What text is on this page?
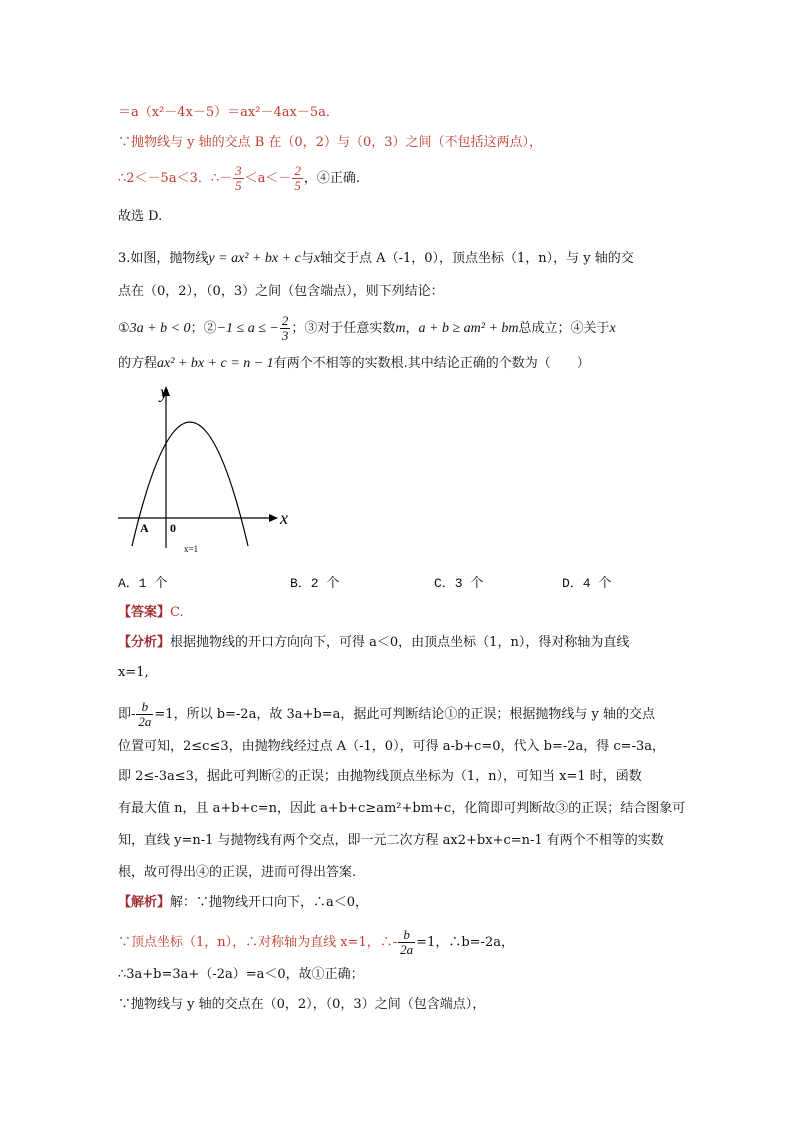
＝a（x²－4x－5）＝ax²－4ax－5a．
∵抛物线与 y 轴的交点 B 在（0，2）与（0，3）之间（不包括这两点），
∴2＜－5a＜3．∴－ $\frac{3}{5} <a<- \frac{2}{5}$ ，④正确.
故选 D.
3.如图，抛物线y = ax² + bx + c与x轴交于点 A（-1，0），顶点坐标（1，n），与 y 轴的交
点在（0，2），（0，3）之间（包含端点），则下列结论：
①3a + b < 0；②−1 ≤ a ≤ − $\frac{2}{3}$ ；③对于任意实数m，a + b ≥ am² + bm总成立；④关于x
的方程ax² + bx + c = n − 1有两个不相等的实数根.其中结论正确的个数为（　　）
y
x
A 0
x=1
A．1 个	B．2 个	C．3 个	D．4 个
【答案】C.
【分析】根据抛物线的开口方向向下，可得 a＜0，由顶点坐标（1，n），得对称轴为直线
x=1,
即- $\frac{b}{2a} =1$，所以 b=-2a，故 3a+b=a，据此可判断结论①的正误；根据抛物线与 y 轴的交点
位置可知，2≤c≤3，由抛物线经过点 A（-1，0），可得 a-b+c=0，代入 b=-2a，得 c=-3a，
即 2≤-3a≤3，据此可判断②的正误；由抛物线顶点坐标为（1，n），可知当 x=1 时，函数
有最大值 n，且 a+b+c=n，因此 a+b+c≥am²+bm+c，化简即可判断故③的正误；结合图象可
知，直线 y=n-1 与抛物线有两个交点，即一元二次方程 ax2+bx+c=n-1 有两个不相等的实数
根，故可得出④的正误，进而可得出答案.
【解析】解：∵抛物线开口向下，∴a＜0，
∵顶点坐标（1，n），∴对称轴为直线 x=1，∴- $\frac{b}{2a} =1$，∴b=-2a，
∴3a+b=3a+（-2a）=a＜0，故①正确；
∵抛物线与 y 轴的交点在（0，2），（0，3）之间（包含端点），
